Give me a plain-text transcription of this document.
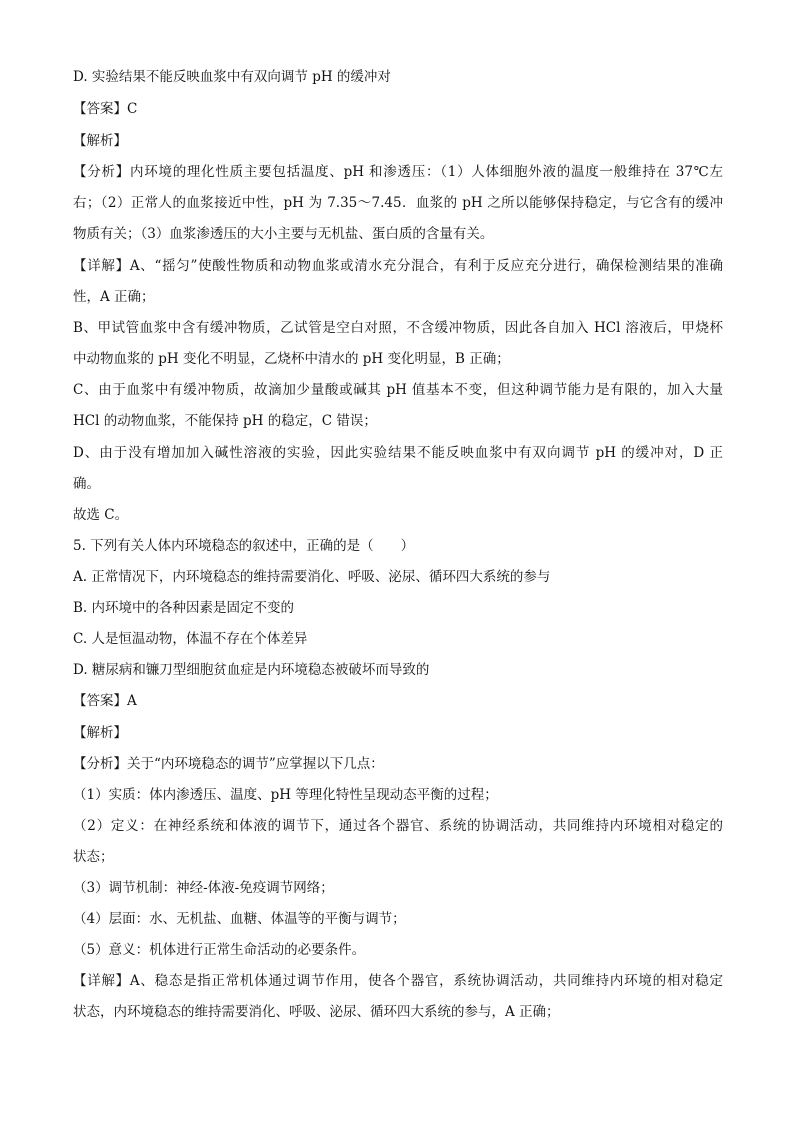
D. 实验结果不能反映血浆中有双向调节 pH 的缓冲对
【答案】C
【解析】
【分析】内环境的理化性质主要包括温度、pH 和渗透压：（1）人体细胞外液的温度一般维持在 37℃左
右；（2）正常人的血浆接近中性，pH 为 7.35～7.45．血浆的 pH 之所以能够保持稳定，与它含有的缓冲
物质有关；（3）血浆渗透压的大小主要与无机盐、蛋白质的含量有关。
【详解】A、“摇匀”使酸性物质和动物血浆或清水充分混合，有利于反应充分进行，确保检测结果的准确
性，A 正确；
B、甲试管血浆中含有缓冲物质，乙试管是空白对照，不含缓冲物质，因此各自加入 HCl 溶液后，甲烧杯
中动物血浆的 pH 变化不明显，乙烧杯中清水的 pH 变化明显，B 正确；
C、由于血浆中有缓冲物质，故滴加少量酸或碱其 pH 值基本不变，但这种调节能力是有限的，加入大量
HCl 的动物血浆，不能保持 pH 的稳定，C 错误；
D、由于没有增加加入碱性溶液的实验，因此实验结果不能反映血浆中有双向调节 pH 的缓冲对，D 正
确。
故选 C。
5. 下列有关人体内环境稳态的叙述中，正确的是（　　）
A. 正常情况下，内环境稳态的维持需要消化、呼吸、泌尿、循环四大系统的参与
B. 内环境中的各种因素是固定不变的
C. 人是恒温动物，体温不存在个体差异
D. 糖尿病和镰刀型细胞贫血症是内环境稳态被破坏而导致的
【答案】A
【解析】
【分析】关于“内环境稳态的调节”应掌握以下几点：
（1）实质：体内渗透压、温度、pH 等理化特性呈现动态平衡的过程；
（2）定义：在神经系统和体液的调节下，通过各个器官、系统的协调活动，共同维持内环境相对稳定的
状态；
（3）调节机制：神经-体液-免疫调节网络；
（4）层面：水、无机盐、血糖、体温等的平衡与调节；
（5）意义：机体进行正常生命活动的必要条件。
【详解】A、稳态是指正常机体通过调节作用，使各个器官，系统协调活动，共同维持内环境的相对稳定
状态，内环境稳态的维持需要消化、呼吸、泌尿、循环四大系统的参与，A 正确；
